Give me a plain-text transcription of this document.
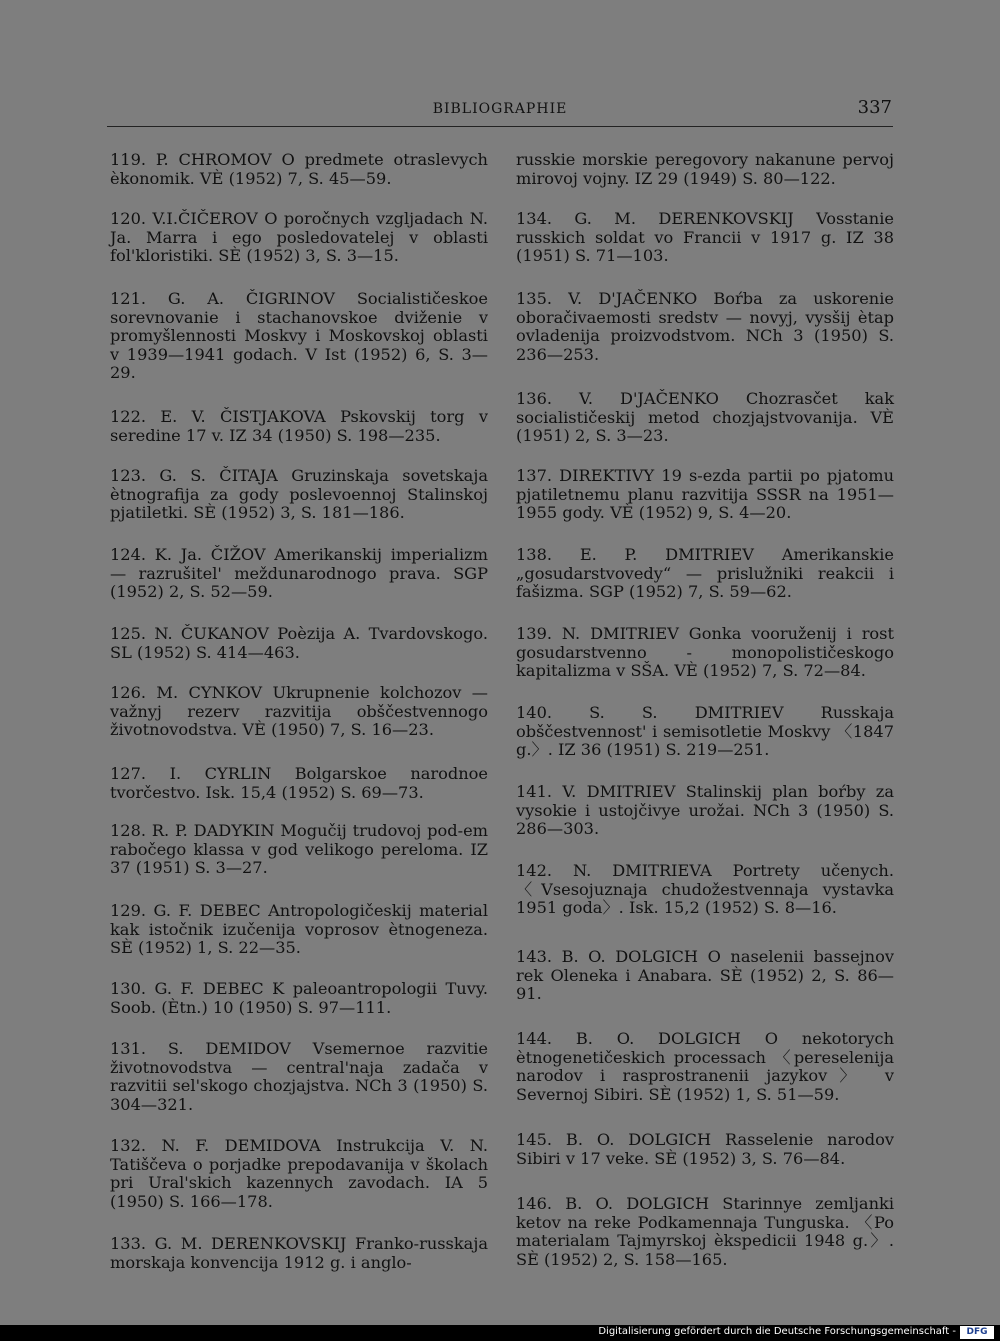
BIBLIOGRAPHIE	337
119. P. CHROMOV O predmete otraslevych èkonomik. VÈ (1952) 7, S. 45—59.
120. V.I.ČIČEROV O poročnych vzgljadach N. Ja. Marra i ego posledovatelej v oblasti fol'kloristiki. SÈ (1952) 3, S. 3—15.
121. G. A. ČIGRINOV Socialističeskoe sorevnovanie i stachanovskoe dviženie v promyšlennosti Moskvy i Moskovskoj oblasti v 1939—1941 godach. V Ist (1952) 6, S. 3—29.
122. E. V. ČISTJAKOVA Pskovskij torg v seredine 17 v. IZ 34 (1950) S. 198—235.
123. G. S. ČITAJA Gruzinskaja sovetskaja ètnografija za gody poslevoennoj Stalinskoj pjatiletki. SÈ (1952) 3, S. 181—186.
124. K. Ja. ČIŽOV Amerikanskij imperializm — razrušitel' meždunarodnogo prava. SGP (1952) 2, S. 52—59.
125. N. ČUKANOV Poèzija A. Tvardovskogo. SL (1952) S. 414—463.
126. M. CYNKOV Ukrupnenie kolchozov — važnyj rezerv razvitija obščestvennogo životnovodstva. VÈ (1950) 7, S. 16—23.
127. I. CYRLIN Bolgarskoe narodnoe tvorčestvo. Isk. 15,4 (1952) S. 69—73.
128. R. P. DADYKIN Mogučij trudovoj pod-em rabočego klassa v god velikogo pereloma. IZ 37 (1951) S. 3—27.
129. G. F. DEBEC Antropologičeskij material kak istočnik izučenija voprosov ètnogeneza. SÈ (1952) 1, S. 22—35.
130. G. F. DEBEC K paleoantropologii Tuvy. Soob. (Ètn.) 10 (1950) S. 97—111.
131. S. DEMIDOV Vsemernoe razvitie životnovodstva — central'naja zadača v razvitii sel'skogo chozjajstva. NCh 3 (1950) S. 304—321.
132. N. F. DEMIDOVA Instrukcija V. N. Tatiščeva o porjadke prepodavanija v školach pri Ural'skich kazennych zavodach. IA 5 (1950) S. 166—178.
133. G. M. DERENKOVSKIJ Franko-russkaja morskaja konvencija 1912 g. i anglo-
russkie morskie peregovory nakanune pervoj mirovoj vojny. IZ 29 (1949) S. 80—122.
134. G. M. DERENKOVSKIJ Vosstanie russkich soldat vo Francii v 1917 g. IZ 38 (1951) S. 71—103.
135. V. D'JAČENKO Boŕba za uskorenie oboračivaemosti sredstv — novyj, vysšij ètap ovladenija proizvodstvom. NCh 3 (1950) S. 236—253.
136. V. D'JAČENKO Chozrasčet kak socialističeskij metod chozjajstvovanija. VÈ (1951) 2, S. 3—23.
137. DIREKTIVY 19 s-ezda partii po pjatomu pjatiletnemu planu razvitija SSSR na 1951—1955 gody. VÈ (1952) 9, S. 4—20.
138. E. P. DMITRIEV Amerikanskie „gosudarstvovedy“ — prislužniki reakcii i fašizma. SGP (1952) 7, S. 59—62.
139. N. DMITRIEV Gonka vooruženij i rost gosudarstvenno - monopolističeskogo kapitalizma v SŠA. VÈ (1952) 7, S. 72—84.
140. S. S. DMITRIEV Russkaja obščestvennost' i semisotletie Moskvy 〈1847 g.〉. IZ 36 (1951) S. 219—251.
141. V. DMITRIEV Stalinskij plan boŕby za vysokie i ustojčivye urožai. NCh 3 (1950) S. 286—303.
142. N. DMITRIEVA Portrety učenych. 〈Vsesojuznaja chudožestvennaja vystavka 1951 goda〉. Isk. 15,2 (1952) S. 8—16.
143. B. O. DOLGICH O naselenii bassejnov rek Oleneka i Anabara. SÈ (1952) 2, S. 86—91.
144. B. O. DOLGICH O nekotorych ètnogenetičeskich processach 〈pereselenija narodov i rasprostranenii jazykov〉 v Severnoj Sibiri. SÈ (1952) 1, S. 51—59.
145. B. O. DOLGICH Rasselenie narodov Sibiri v 17 veke. SÈ (1952) 3, S. 76—84.
146. B. O. DOLGICH Starinnye zemljanki ketov na reke Podkamennaja Tunguska. 〈Po materialam Tajmyrskoj èkspedicii 1948 g.〉. SÈ (1952) 2, S. 158—165.
Digitalisierung gefördert durch die Deutsche Forschungsgemeinschaft -	DFG
